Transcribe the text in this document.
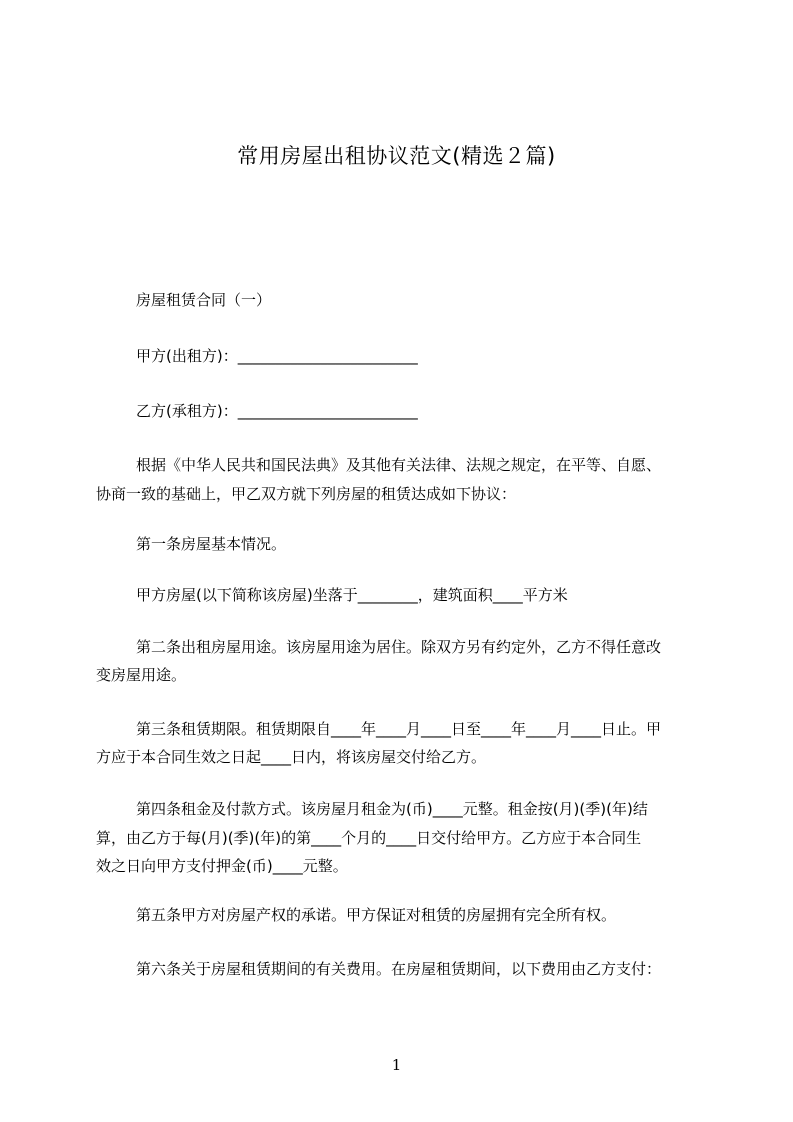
常用房屋出租协议范文(精选２篇)
房屋租赁合同（一）
甲方(出租方)：________________________
乙方(承租方)：________________________
根据《中华人民共和国民法典》及其他有关法律、法规之规定，在平等、自愿、
协商一致的基础上，甲乙双方就下列房屋的租赁达成如下协议：
第一条房屋基本情况。
甲方房屋(以下简称该房屋)坐落于________，建筑面积____平方米
第二条出租房屋用途。该房屋用途为居住。除双方另有约定外，乙方不得任意改
变房屋用途。
第三条租赁期限。租赁期限自____年____月____日至____年____月____日止。甲
方应于本合同生效之日起____日内，将该房屋交付给乙方。
第四条租金及付款方式。该房屋月租金为(币)____元整。租金按(月)(季)(年)结
算，由乙方于每(月)(季)(年)的第____个月的____日交付给甲方。乙方应于本合同生
效之日向甲方支付押金(币)____元整。
第五条甲方对房屋产权的承诺。甲方保证对租赁的房屋拥有完全所有权。
第六条关于房屋租赁期间的有关费用。在房屋租赁期间，以下费用由乙方支付：
1
